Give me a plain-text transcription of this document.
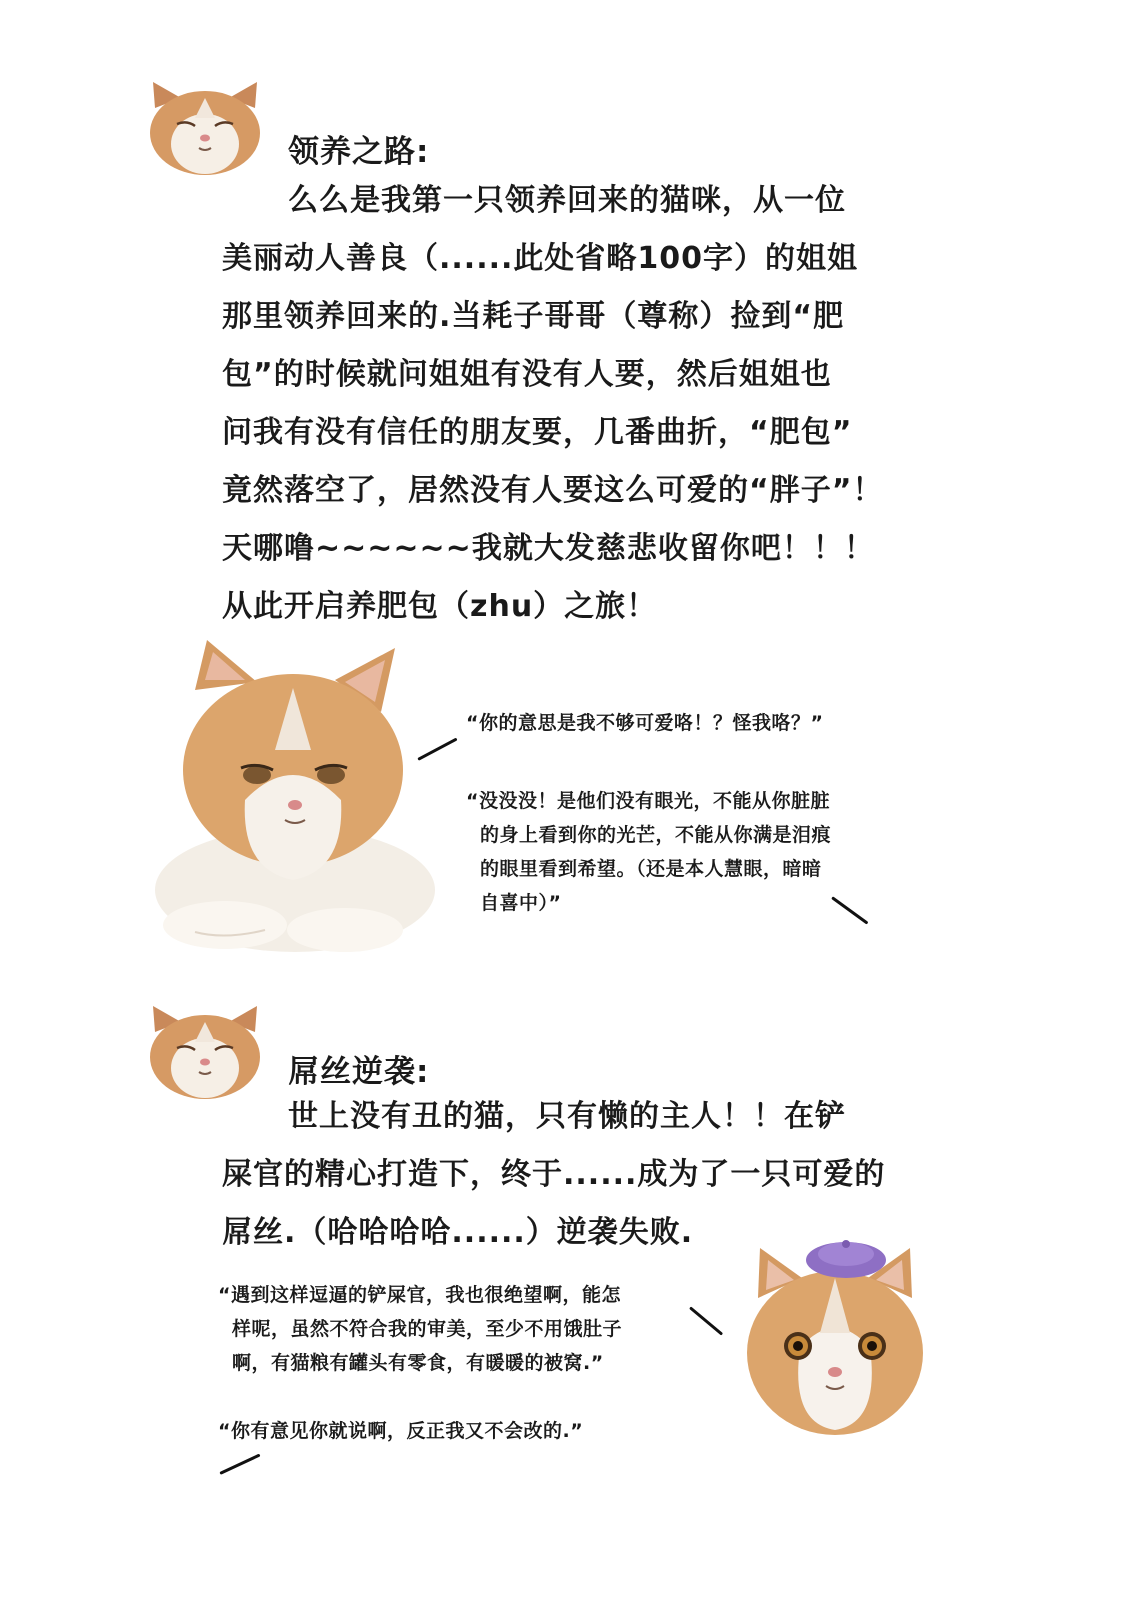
领养之路:
么么是我第一只领养回来的猫咪，从一位
美丽动人善良（......此处省略100字）的姐姐
那里领养回来的.当耗子哥哥（尊称）捡到“肥
包”的时候就问姐姐有没有人要，然后姐姐也
问我有没有信任的朋友要，几番曲折，“肥包”
竟然落空了，居然没有人要这么可爱的“胖子”！
天哪噜~~~~~~我就大发慈悲收留你吧！！！
从此开启养肥包（zhu）之旅！
“你的意思是我不够可爱咯！？怪我咯？”
“没没没！是他们没有眼光，不能从你脏脏
的身上看到你的光芒，不能从你满是泪痕
的眼里看到希望。（还是本人慧眼，暗暗
自喜中）”
屌丝逆袭:
世上没有丑的猫，只有懒的主人！！在铲
屎官的精心打造下，终于......成为了一只可爱的
屌丝.（哈哈哈哈......）逆袭失败.
“遇到这样逗逼的铲屎官，我也很绝望啊，能怎
样呢，虽然不符合我的审美，至少不用饿肚子
啊，有猫粮有罐头有零食，有暖暖的被窝.”
“你有意见你就说啊，反正我又不会改的.”
